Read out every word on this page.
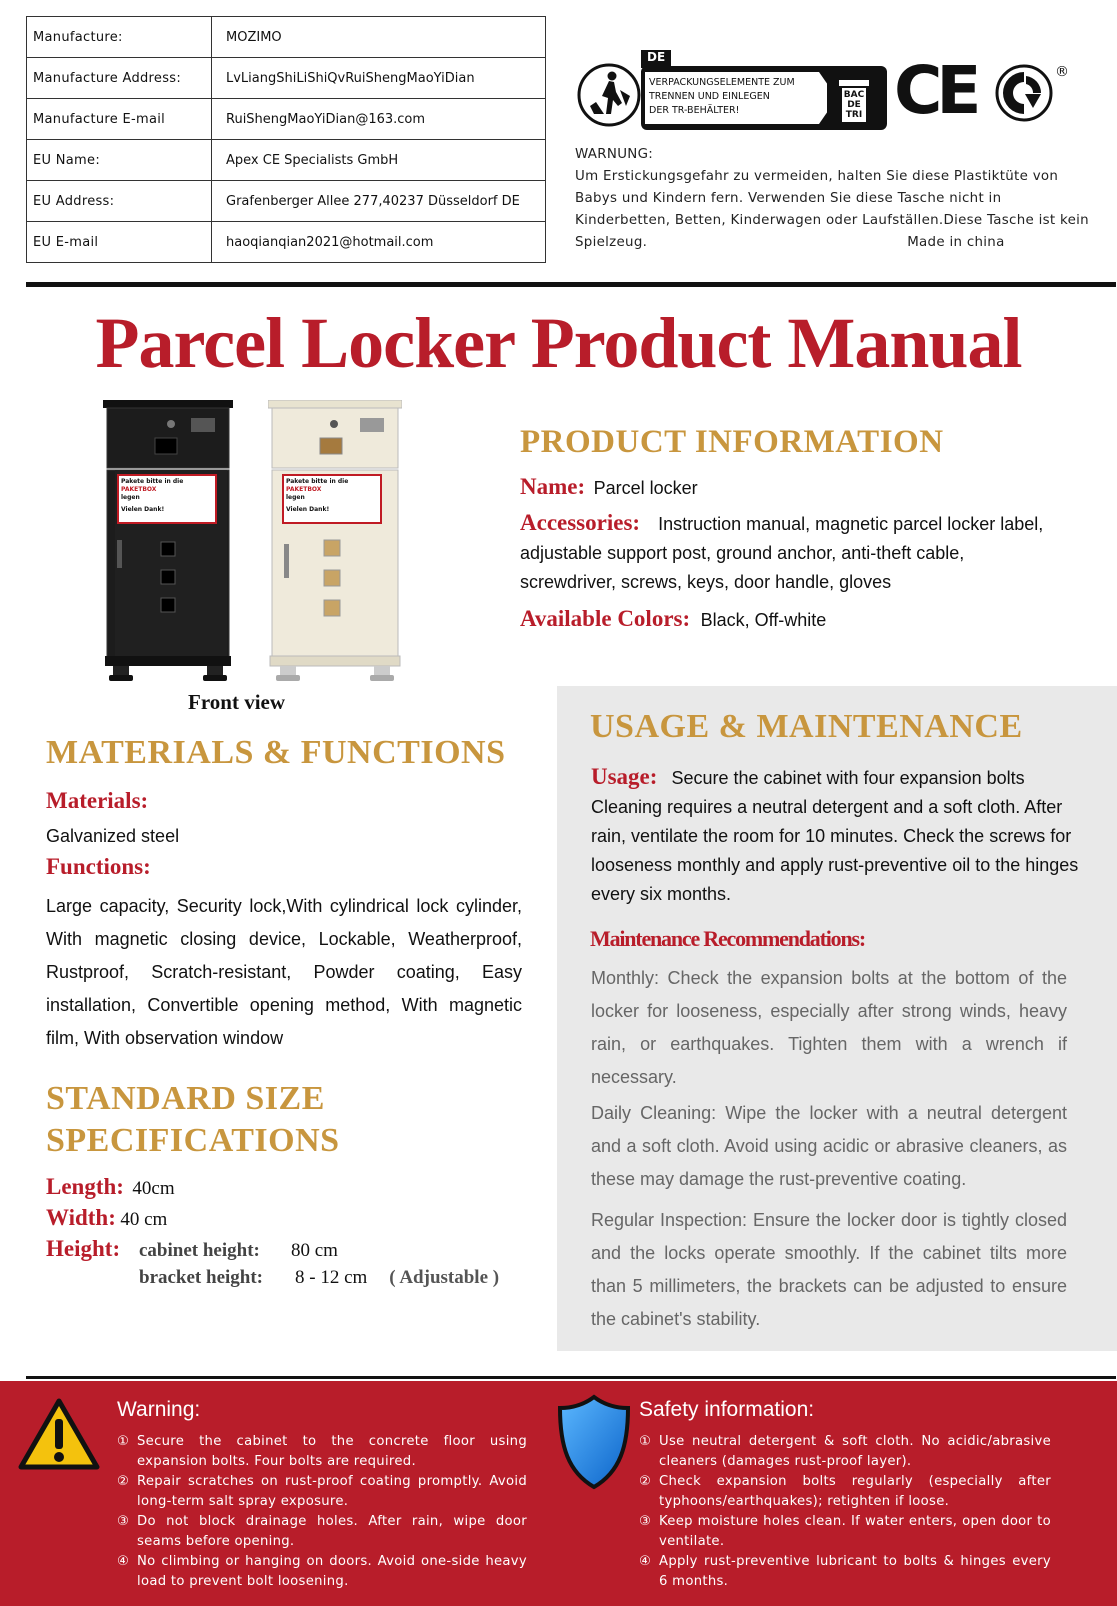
Manufacture:	MOZIMO
Manufacture Address:	LvLiangShiLiShiQvRuiShengMaoYiDian
Manufacture E-mail	RuiShengMaoYiDian@163.com
EU Name:	Apex CE Specialists GmbH
EU Address:	Grafenberger Allee 277,40237 Düsseldorf DE
EU E-mail	haoqianqian2021@hotmail.com
DE
VERPACKUNGSELEMENTE ZUM
TRENNEN UND EINLEGEN
DER TR-BEHÄLTER!
BAC
DE
TRI CE	®
WARNUNG:
Um Erstickungsgefahr zu vermeiden, halten Sie diese Plastiktüte von Babys und Kindern fern. Verwenden Sie diese Tasche nicht in Kinderbetten, Betten, Kinderwagen oder Laufställen.Diese Tasche ist kein Spielzeug.	Made in china
Parcel Locker Product Manual
Pakete bitte in die
PAKETBOX
legen
Vielen Dank!
Pakete bitte in die
PAKETBOX
legen
Vielen Dank!
Front view
PRODUCT INFORMATION
Name: Parcel locker
Accessories: Instruction manual, magnetic parcel locker label, adjustable support post, ground anchor, anti-theft cable, screwdriver, screws, keys, door handle, gloves
Available Colors: Black, Off-white
MATERIALS & FUNCTIONS
Materials:
Galvanized steel
Functions:
Large capacity, Security lock,With cylindrical lock cylinder, With magnetic closing device, Lockable, Weatherproof, Rustproof, Scratch-resistant, Powder coating, Easy installation, Convertible opening method, With magnetic film, With observation window
STANDARD SIZE
SPECIFICATIONS
Length: 40cm
Width: 40 cm
Height: cabinet height: 80 cm
bracket height: 8 - 12 cm ( Adjustable )
USAGE & MAINTENANCE
Usage: Secure the cabinet with four expansion bolts
Cleaning requires a neutral detergent and a soft cloth. After rain, ventilate the room for 10 minutes. Check the screws for looseness monthly and apply rust-preventive oil to the hinges every six months.
Maintenance Recommendations:
Monthly: Check the expansion bolts at the bottom of the locker for looseness, especially after strong winds, heavy rain, or earthquakes. Tighten them with a wrench if necessary.
Daily Cleaning: Wipe the locker with a neutral detergent and a soft cloth. Avoid using acidic or abrasive cleaners, as these may damage the rust-preventive coating.
Regular Inspection: Ensure the locker door is tightly closed and the locks operate smoothly. If the cabinet tilts more than 5 millimeters, the brackets can be adjusted to ensure the cabinet's stability.
Warning:
① Secure the cabinet to the concrete floor using expansion bolts. Four bolts are required.
② Repair scratches on rust-proof coating promptly. Avoid long-term salt spray exposure.
③ Do not block drainage holes. After rain, wipe door seams before opening.
④ No climbing or hanging on doors. Avoid one-side heavy load to prevent bolt loosening.
Safety information:
① Use neutral detergent & soft cloth. No acidic/abrasive cleaners (damages rust-proof layer).
② Check expansion bolts regularly (especially after typhoons/earthquakes); retighten if loose.
③ Keep moisture holes clean. If water enters, open door to ventilate.
④ Apply rust-preventive lubricant to bolts & hinges every 6 months.
